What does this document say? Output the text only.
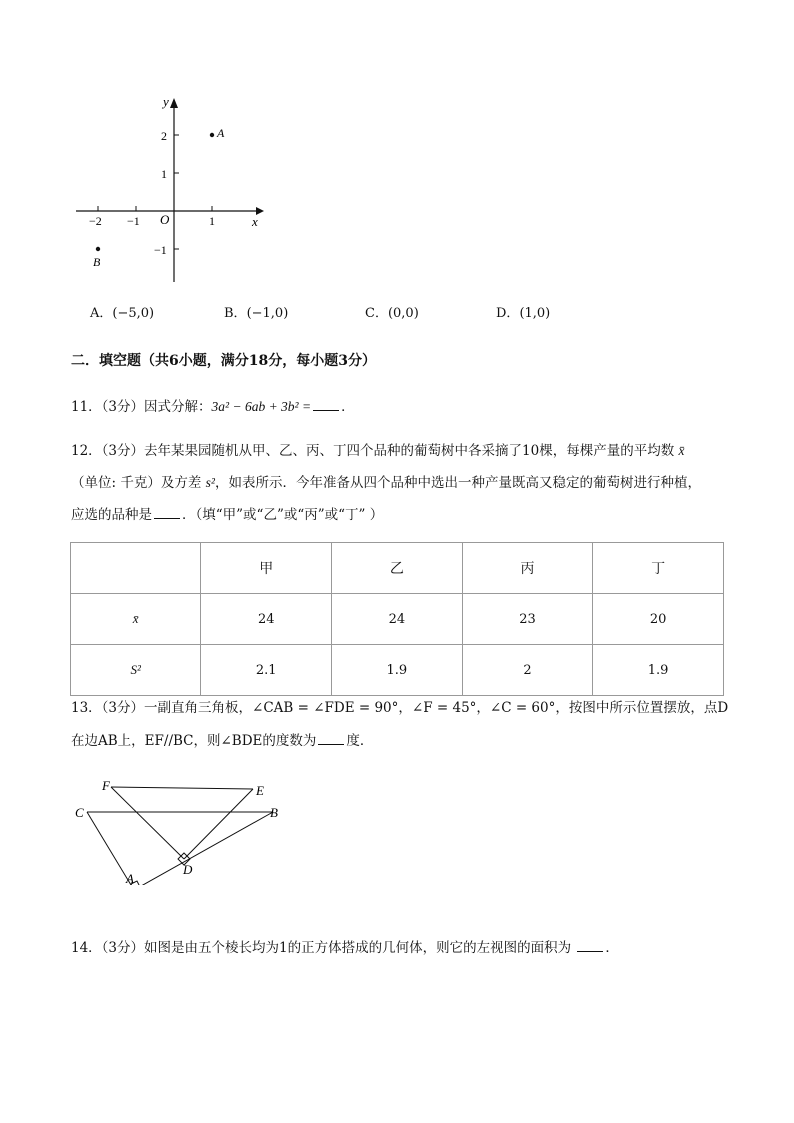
y
x
O
−2 −1	1
2
1
−1
A
B
A．(−5,0)	B．(−1,0)	C．(0,0)	D．(1,0)
二．填空题（共6小题，满分18分，每小题3分）
11．（3分）因式分解：3a² − 6ab + 3b² = ．
12．（3分）去年某果园随机从甲、乙、丙、丁四个品种的葡萄树中各采摘了10棵，每棵产量的平均数 x̄
（单位: 千克）及方差 s²，如表所示．今年准备从四个品种中选出一种产量既高又稳定的葡萄树进行种植，
应选的品种是 ．（填“甲”或“乙”或“丙”或“丁” ）
	甲	乙	丙	丁
x̄	24	24	23	20
S²	2.1	1.9	2	1.9
13．（3分）一副直角三角板，∠CAB = ∠FDE = 90°，∠F = 45°，∠C = 60°，按图中所示位置摆放，点D
在边AB上，EF//BC，则∠BDE的度数为 度．
F	E
C	B
D
A
14．（3分）如图是由五个棱长均为1的正方体搭成的几何体，则它的左视图的面积为	．
